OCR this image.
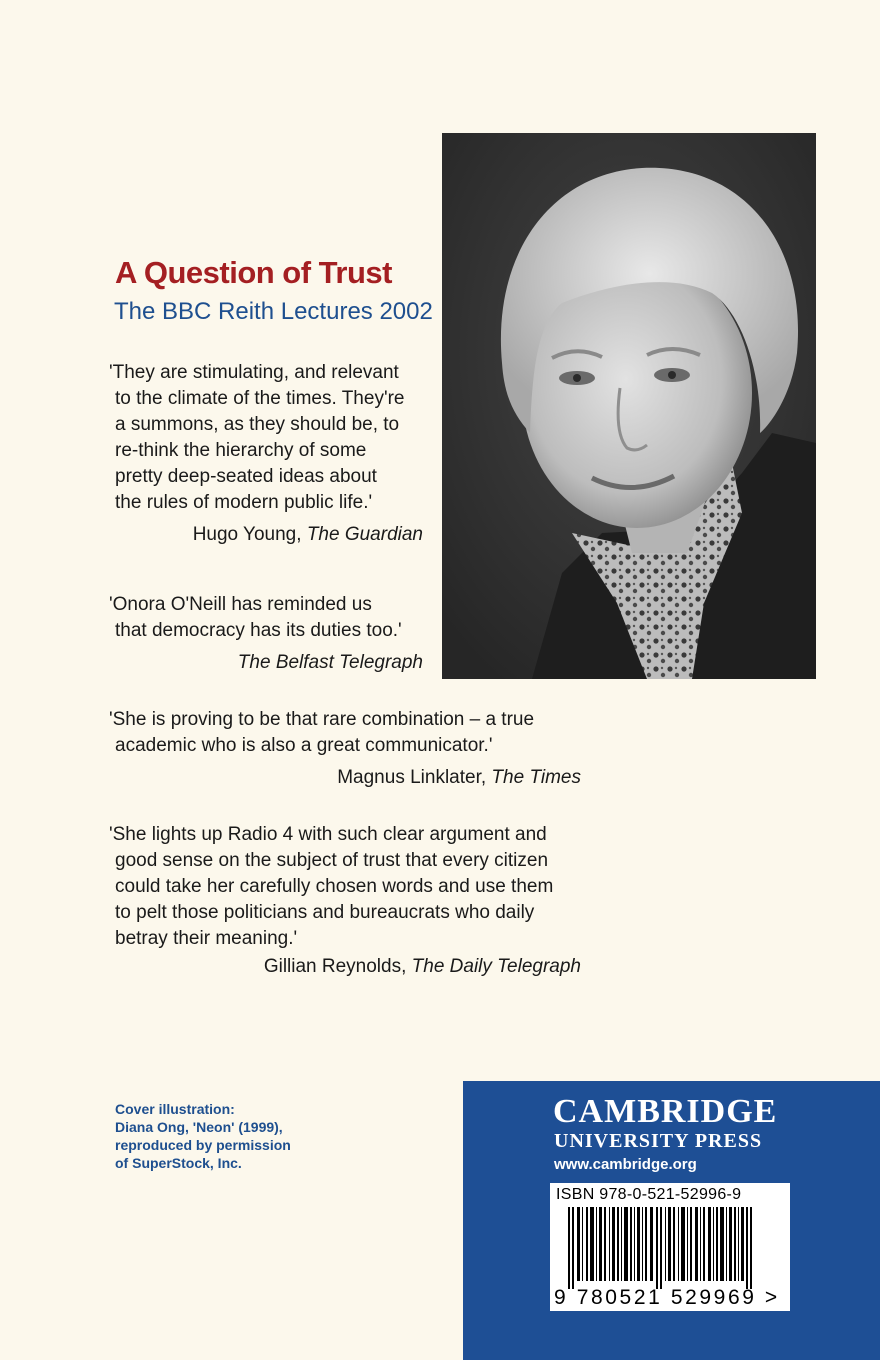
A Question of Trust
The BBC Reith Lectures 2002
'They are stimulating, and relevant
to the climate of the times. They're
a summons, as they should be, to
re-think the hierarchy of some
pretty deep-seated ideas about
the rules of modern public life.'
Hugo Young, The Guardian
'Onora O'Neill has reminded us
that democracy has its duties too.'
The Belfast Telegraph
'She is proving to be that rare combination – a true
academic who is also a great communicator.'
Magnus Linklater, The Times
'She lights up Radio 4 with such clear argument and
good sense on the subject of trust that every citizen
could take her carefully chosen words and use them
to pelt those politicians and bureaucrats who daily
betray their meaning.'
Gillian Reynolds, The Daily Telegraph
Cover illustration:
Diana Ong, 'Neon' (1999),
reproduced by permission
of SuperStock, Inc.
CAMBRIDGE
UNIVERSITY PRESS
www.cambridge.org
ISBN 978-0-521-52996-9
9 780521 529969 >
